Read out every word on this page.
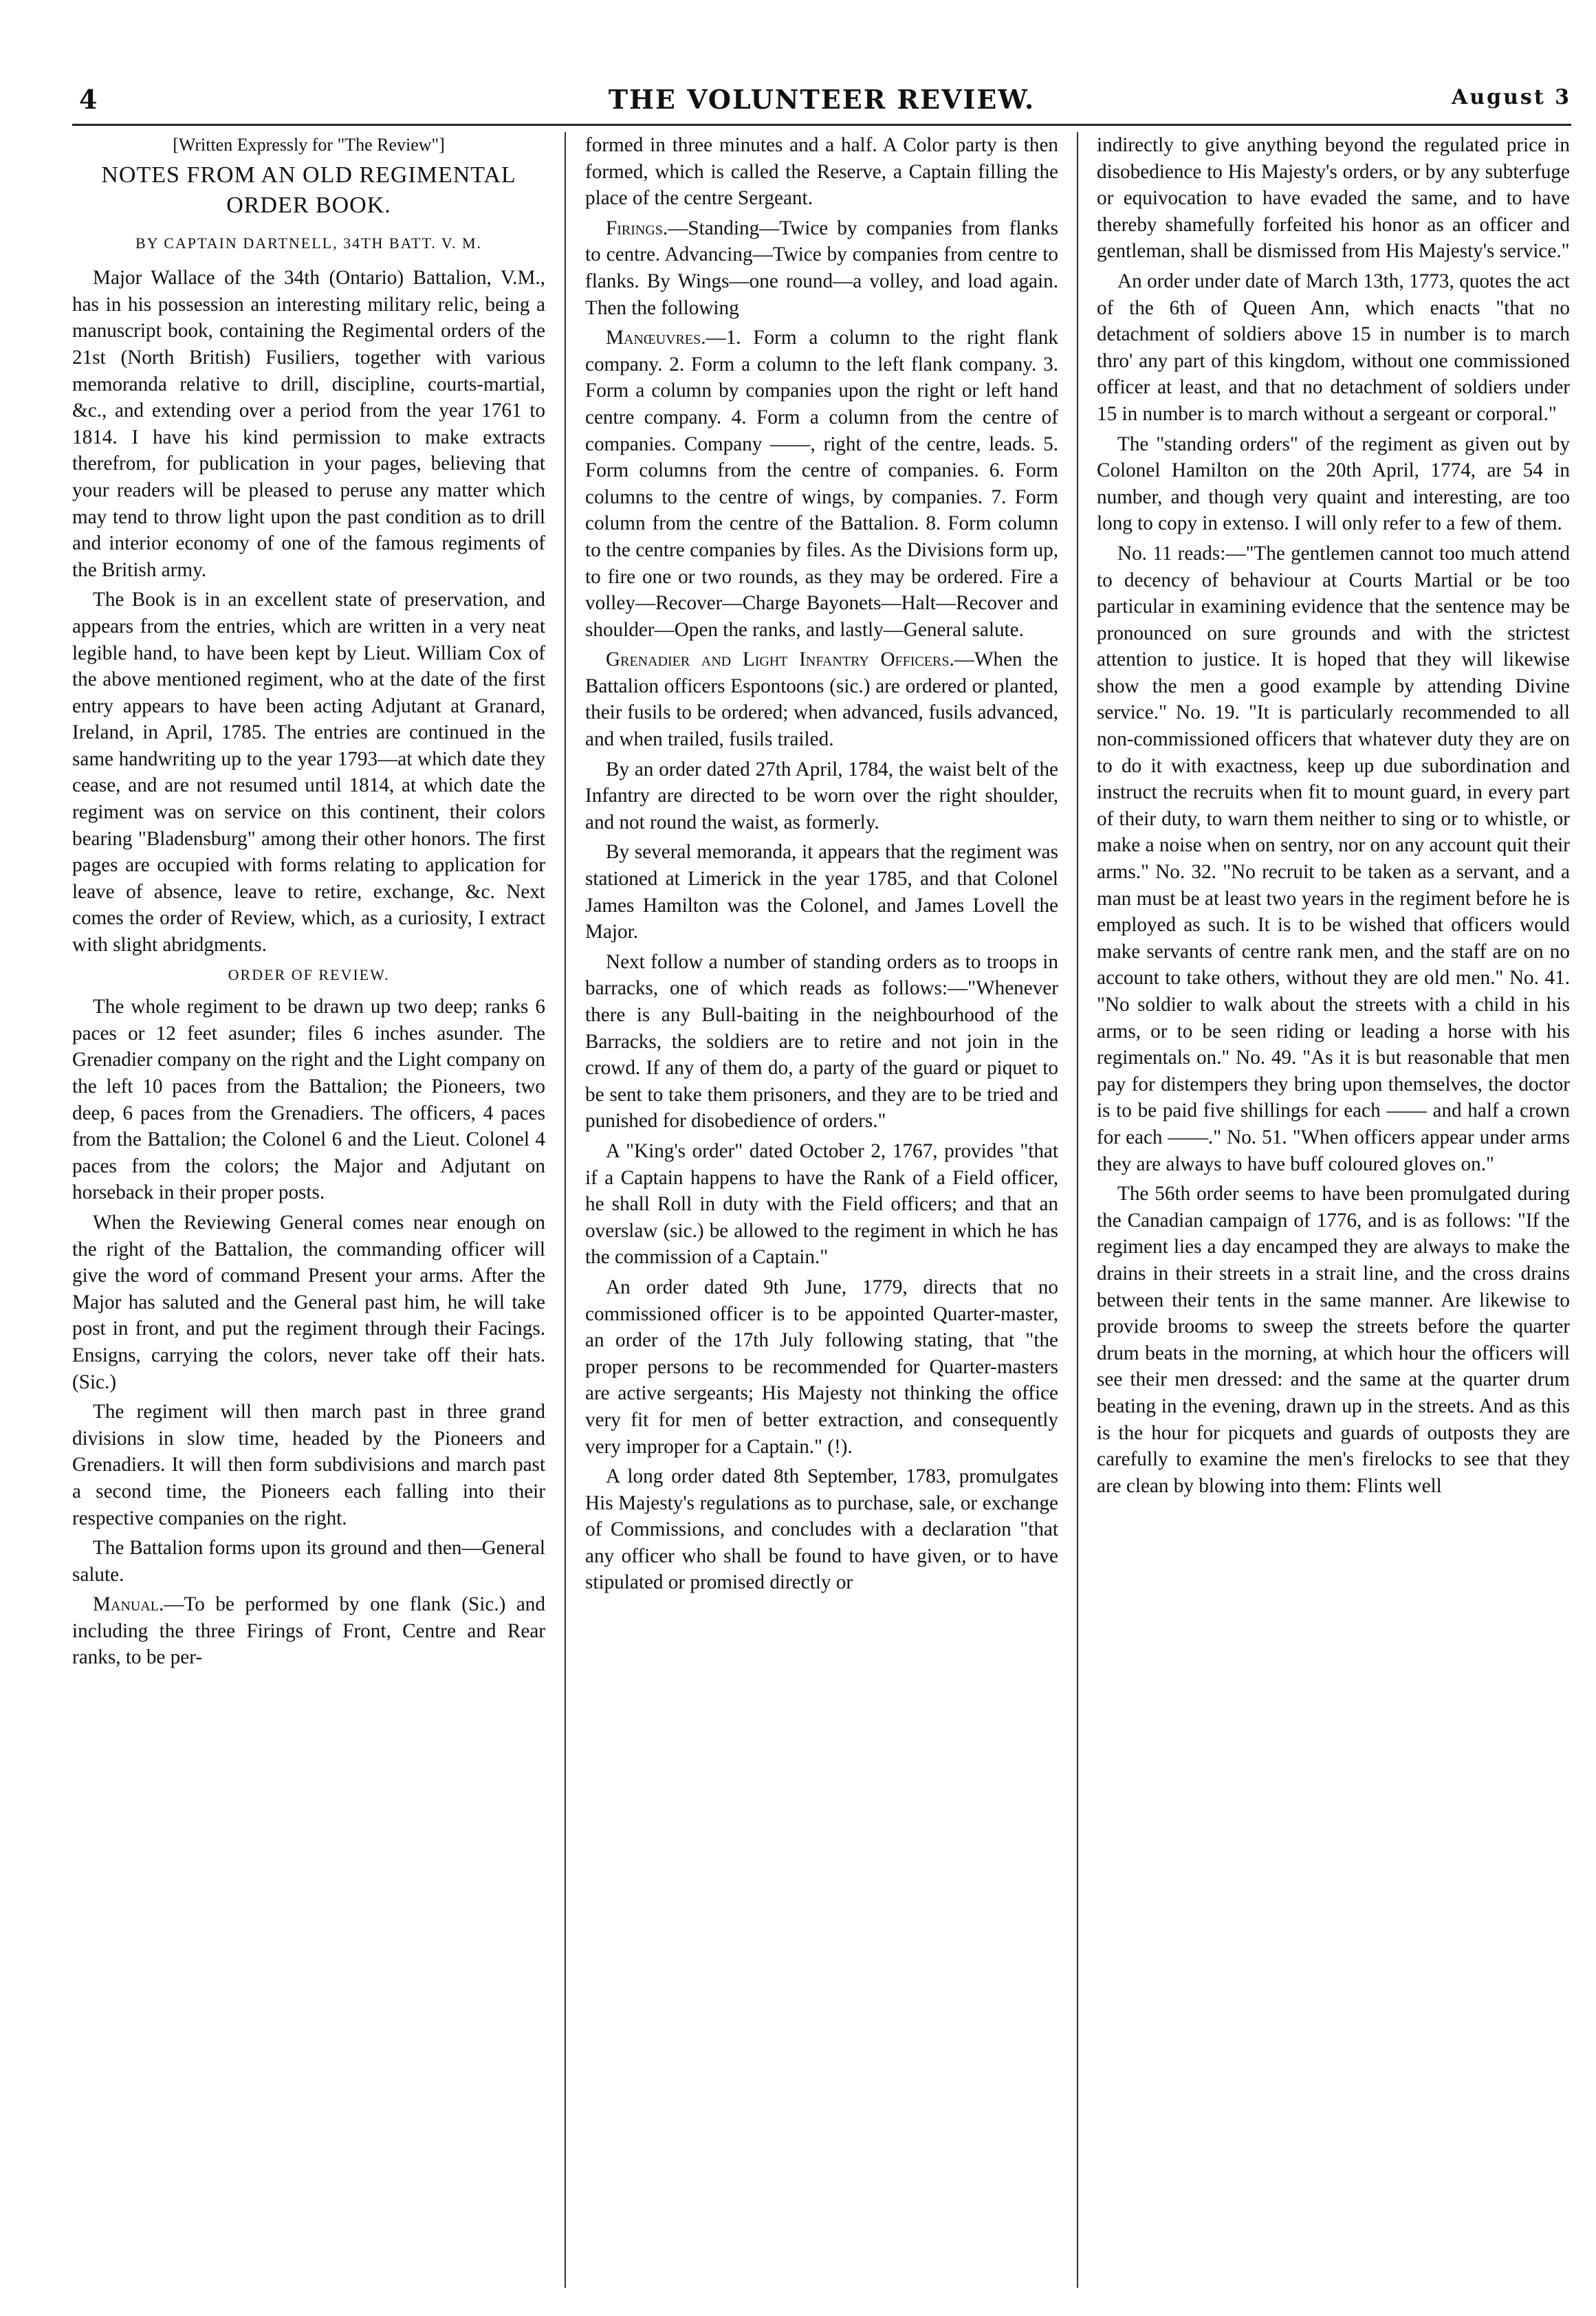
4	THE VOLUNTEER REVIEW.	August 3

[Written Expressly for "The Review"]

NOTES FROM AN OLD REGIMENTAL ORDER BOOK.

BY CAPTAIN DARTNELL, 34TH BATT. V. M.

Major Wallace of the 34th (Ontario) Battalion, V.M., has in his possession an interesting military relic, being a manuscript book, containing the Regimental orders of the 21st (North British) Fusiliers, together with various memoranda relative to drill, discipline, courts-martial, &c., and extending over a period from the year 1761 to 1814. I have his kind permission to make extracts therefrom, for publication in your pages, believing that your readers will be pleased to peruse any matter which may tend to throw light upon the past condition as to drill and interior economy of one of the famous regiments of the British army.

The Book is in an excellent state of preservation, and appears from the entries, which are written in a very neat legible hand, to have been kept by Lieut. William Cox of the above mentioned regiment, who at the date of the first entry appears to have been acting Adjutant at Granard, Ireland, in April, 1785. The entries are continued in the same handwriting up to the year 1793—at which date they cease, and are not resumed until 1814, at which date the regiment was on service on this continent, their colors bearing "Bladensburg" among their other honors. The first pages are occupied with forms relating to application for leave of absence, leave to retire, exchange, &c. Next comes the order of Review, which, as a curiosity, I extract with slight abridgments.

ORDER OF REVIEW.

The whole regiment to be drawn up two deep; ranks 6 paces or 12 feet asunder; files 6 inches asunder. The Grenadier company on the right and the Light company on the left 10 paces from the Battalion; the Pioneers, two deep, 6 paces from the Grenadiers. The officers, 4 paces from the Battalion; the Colonel 6 and the Lieut. Colonel 4 paces from the colors; the Major and Adjutant on horseback in their proper posts.

When the Reviewing General comes near enough on the right of the Battalion, the commanding officer will give the word of command Present your arms. After the Major has saluted and the General past him, he will take post in front, and put the regiment through their Facings. Ensigns, carrying the colors, never take off their hats. (Sic.)

The regiment will then march past in three grand divisions in slow time, headed by the Pioneers and Grenadiers. It will then form subdivisions and march past a second time, the Pioneers each falling into their respective companies on the right.

The Battalion forms upon its ground and then—General salute.

Manual.—To be performed by one flank (Sic.) and including the three Firings of Front, Centre and Rear ranks, to be per-

formed in three minutes and a half. A Color party is then formed, which is called the Reserve, a Captain filling the place of the centre Sergeant.

Firings.—Standing—Twice by companies from flanks to centre. Advancing—Twice by companies from centre to flanks. By Wings—one round—a volley, and load again. Then the following

Manœuvres.—1. Form a column to the right flank company. 2. Form a column to the left flank company. 3. Form a column by companies upon the right or left hand centre company. 4. Form a column from the centre of companies. Company ——, right of the centre, leads. 5. Form columns from the centre of companies. 6. Form columns to the centre of wings, by companies. 7. Form column from the centre of the Battalion. 8. Form column to the centre companies by files. As the Divisions form up, to fire one or two rounds, as they may be ordered. Fire a volley—Recover—Charge Bayonets—Halt—Recover and shoulder—Open the ranks, and lastly—General salute.

Grenadier and Light Infantry Officers.—When the Battalion officers Espontoons (sic.) are ordered or planted, their fusils to be ordered; when advanced, fusils advanced, and when trailed, fusils trailed.

By an order dated 27th April, 1784, the waist belt of the Infantry are directed to be worn over the right shoulder, and not round the waist, as formerly.

By several memoranda, it appears that the regiment was stationed at Limerick in the year 1785, and that Colonel James Hamilton was the Colonel, and James Lovell the Major.

Next follow a number of standing orders as to troops in barracks, one of which reads as follows:—"Whenever there is any Bull-baiting in the neighbourhood of the Barracks, the soldiers are to retire and not join in the crowd. If any of them do, a party of the guard or piquet to be sent to take them prisoners, and they are to be tried and punished for disobedience of orders."

A "King's order" dated October 2, 1767, provides "that if a Captain happens to have the Rank of a Field officer, he shall Roll in duty with the Field officers; and that an overslaw (sic.) be allowed to the regiment in which he has the commission of a Captain."

An order dated 9th June, 1779, directs that no commissioned officer is to be appointed Quarter-master, an order of the 17th July following stating, that "the proper persons to be recommended for Quarter-masters are active sergeants; His Majesty not thinking the office very fit for men of better extraction, and consequently very improper for a Captain." (!).

A long order dated 8th September, 1783, promulgates His Majesty's regulations as to purchase, sale, or exchange of Commissions, and concludes with a declaration "that any officer who shall be found to have given, or to have stipulated or promised directly or

indirectly to give anything beyond the regulated price in disobedience to His Majesty's orders, or by any subterfuge or equivocation to have evaded the same, and to have thereby shamefully forfeited his honor as an officer and gentleman, shall be dismissed from His Majesty's service."

An order under date of March 13th, 1773, quotes the act of the 6th of Queen Ann, which enacts "that no detachment of soldiers above 15 in number is to march thro' any part of this kingdom, without one commissioned officer at least, and that no detachment of soldiers under 15 in number is to march without a sergeant or corporal."

The "standing orders" of the regiment as given out by Colonel Hamilton on the 20th April, 1774, are 54 in number, and though very quaint and interesting, are too long to copy in extenso. I will only refer to a few of them.

No. 11 reads:—"The gentlemen cannot too much attend to decency of behaviour at Courts Martial or be too particular in examining evidence that the sentence may be pronounced on sure grounds and with the strictest attention to justice. It is hoped that they will likewise show the men a good example by attending Divine service." No. 19. "It is particularly recommended to all non-commissioned officers that whatever duty they are on to do it with exactness, keep up due subordination and instruct the recruits when fit to mount guard, in every part of their duty, to warn them neither to sing or to whistle, or make a noise when on sentry, nor on any account quit their arms." No. 32. "No recruit to be taken as a servant, and a man must be at least two years in the regiment before he is employed as such. It is to be wished that officers would make servants of centre rank men, and the staff are on no account to take others, without they are old men." No. 41. "No soldier to walk about the streets with a child in his arms, or to be seen riding or leading a horse with his regimentals on." No. 49. "As it is but reasonable that men pay for distempers they bring upon themselves, the doctor is to be paid five shillings for each —— and half a crown for each ——." No. 51. "When officers appear under arms they are always to have buff coloured gloves on."

The 56th order seems to have been promulgated during the Canadian campaign of 1776, and is as follows: "If the regiment lies a day encamped they are always to make the drains in their streets in a strait line, and the cross drains between their tents in the same manner. Are likewise to provide brooms to sweep the streets before the quarter drum beats in the morning, at which hour the officers will see their men dressed: and the same at the quarter drum beating in the evening, drawn up in the streets. And as this is the hour for picquets and guards of outposts they are carefully to examine the men's firelocks to see that they are clean by blowing into them: Flints well
